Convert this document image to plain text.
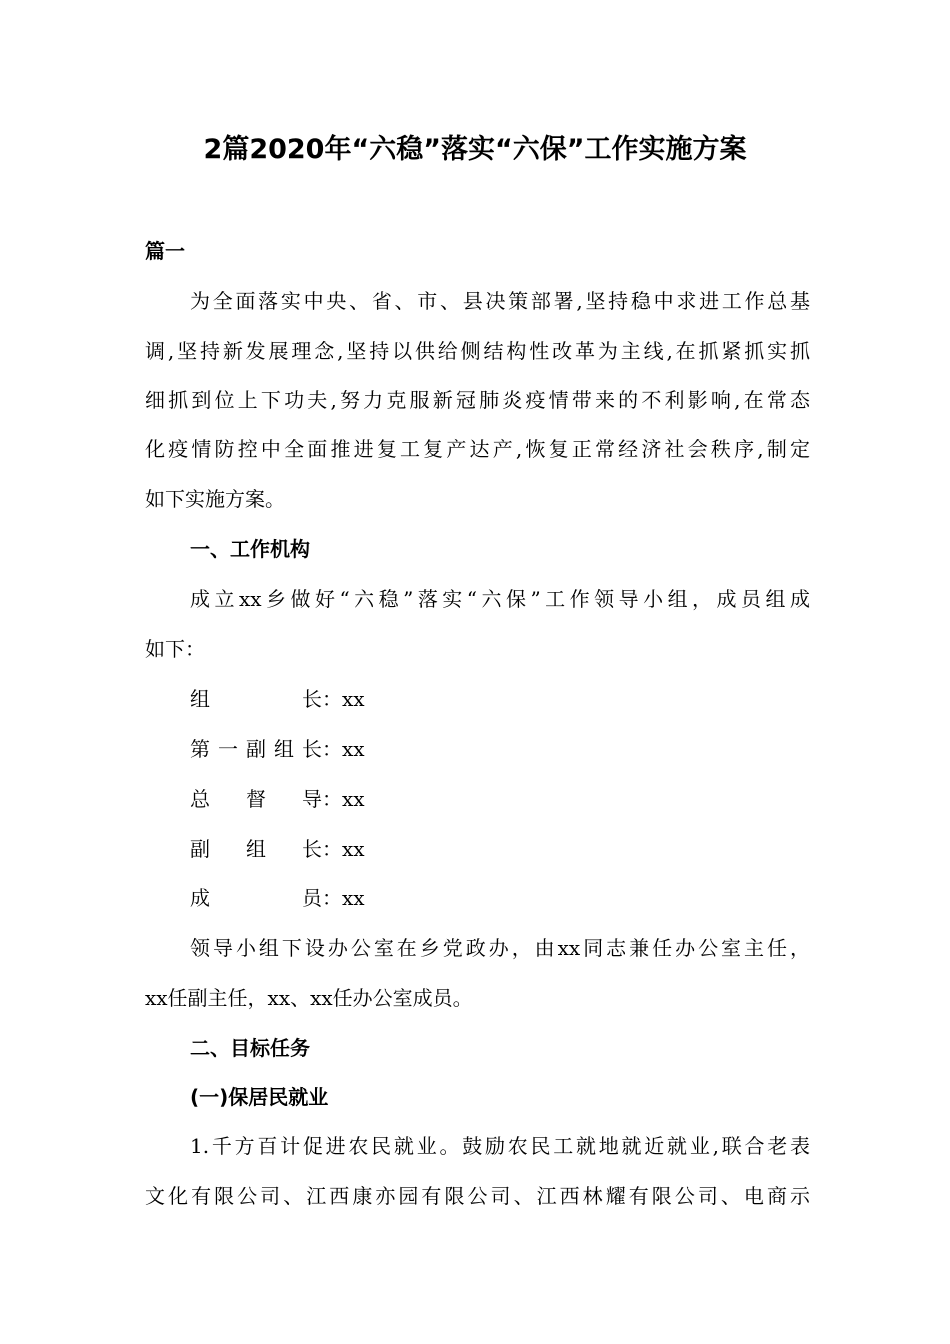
2篇2020年“六稳”落实“六保”工作实施方案
篇一
为全面落实中央、省、市、县决策部署,坚持稳中求进工作总基
调,坚持新发展理念,坚持以供给侧结构性改革为主线,在抓紧抓实抓
细抓到位上下功夫,努力克服新冠肺炎疫情带来的不利影响,在常态
化疫情防控中全面推进复工复产达产,恢复正常经济社会秩序,制定
如下实施方案。
一、工作机构
成立xx乡做好“六稳”落实“六保”工作领导小组，成员组成
如下：
组长：xx
第一副组长：xx
总督导：xx
副组长：xx
成员：xx
领导小组下设办公室在乡党政办，由xx同志兼任办公室主任，
xx任副主任，xx、xx任办公室成员。
二、目标任务
(一)保居民就业
1.千方百计促进农民就业。鼓励农民工就地就近就业,联合老表
文化有限公司、江西康亦园有限公司、江西林耀有限公司、电商示
